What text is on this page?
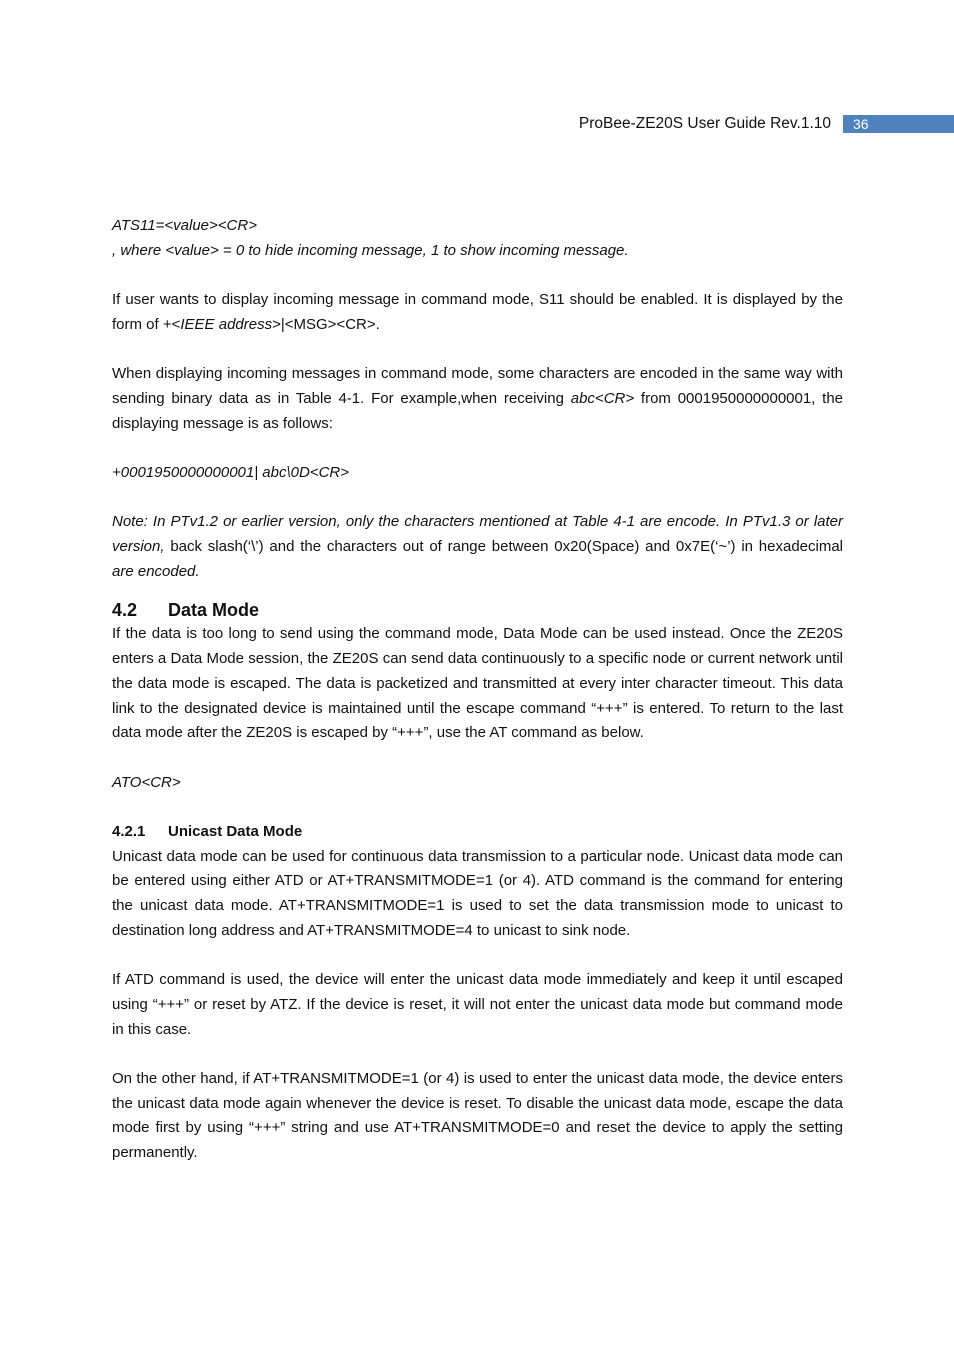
ProBee-ZE20S User Guide Rev.1.10	36

ATS11=<value><CR>

, where <value> = 0 to hide incoming message, 1 to show incoming message.

If user wants to display incoming message in command mode, S11 should be enabled. It is displayed by the form of +<IEEE address>|<MSG><CR>.

When displaying incoming messages in command mode, some characters are encoded in the same way with sending binary data as in Table 4-1. For example,when receiving abc<CR> from 0001950000000001, the displaying message is as follows:

+0001950000000001| abc\0D<CR>

Note: In PTv1.2 or earlier version, only the characters mentioned at Table 4-1 are encode. In PTv1.3 or later version, back slash(‘\’) and the characters out of range between 0x20(Space) and 0x7E(‘~’) in hexadecimal are encoded.

4.2 Data Mode

If the data is too long to send using the command mode, Data Mode can be used instead. Once the ZE20S enters a Data Mode session, the ZE20S can send data continuously to a specific node or current network until the data mode is escaped. The data is packetized and transmitted at every inter character timeout. This data link to the designated device is maintained until the escape command “+++” is entered. To return to the last data mode after the ZE20S is escaped by “+++”, use the AT command as below.

ATO<CR>

4.2.1 Unicast Data Mode

Unicast data mode can be used for continuous data transmission to a particular node. Unicast data mode can be entered using either ATD or AT+TRANSMITMODE=1 (or 4). ATD command is the command for entering the unicast data mode. AT+TRANSMITMODE=1 is used to set the data transmission mode to unicast to destination long address and AT+TRANSMITMODE=4 to unicast to sink node.

If ATD command is used, the device will enter the unicast data mode immediately and keep it until escaped using “+++” or reset by ATZ. If the device is reset, it will not enter the unicast data mode but command mode in this case.

On the other hand, if AT+TRANSMITMODE=1 (or 4) is used to enter the unicast data mode, the device enters the unicast data mode again whenever the device is reset. To disable the unicast data mode, escape the data mode first by using “+++” string and use AT+TRANSMITMODE=0 and reset the device to apply the setting permanently.
